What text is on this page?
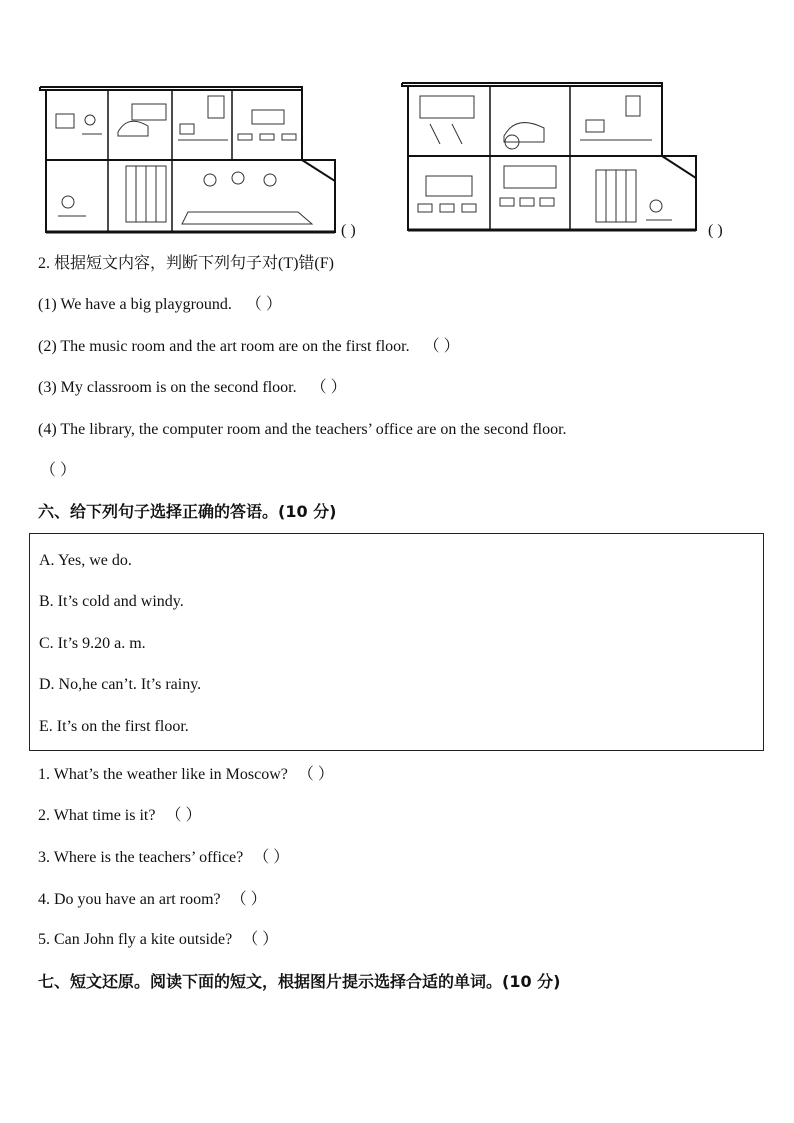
( )	( )
2. 根据短文内容，判断下列句子对(T)错(F)
(1) We have a big playground. （ ）
(2) The music room and the art room are on the first floor. （ ）
(3) My classroom is on the second floor. （ ）
(4) The library, the computer room and the teachers’ office are on the second floor.
（ ）
六、给下列句子选择正确的答语。(10 分)
A. Yes, we do.
B. It’s cold and windy.
C. It’s 9.20 a. m.
D. No,he can’t. It’s rainy.
E. It’s on the first floor.
1. What’s the weather like in Moscow? （ ）
2. What time is it? （ ）
3. Where is the teachers’ office? （ ）
4. Do you have an art room? （ ）
5. Can John fly a kite outside? （ ）
七、短文还原。阅读下面的短文，根据图片提示选择合适的单词。(10 分)
